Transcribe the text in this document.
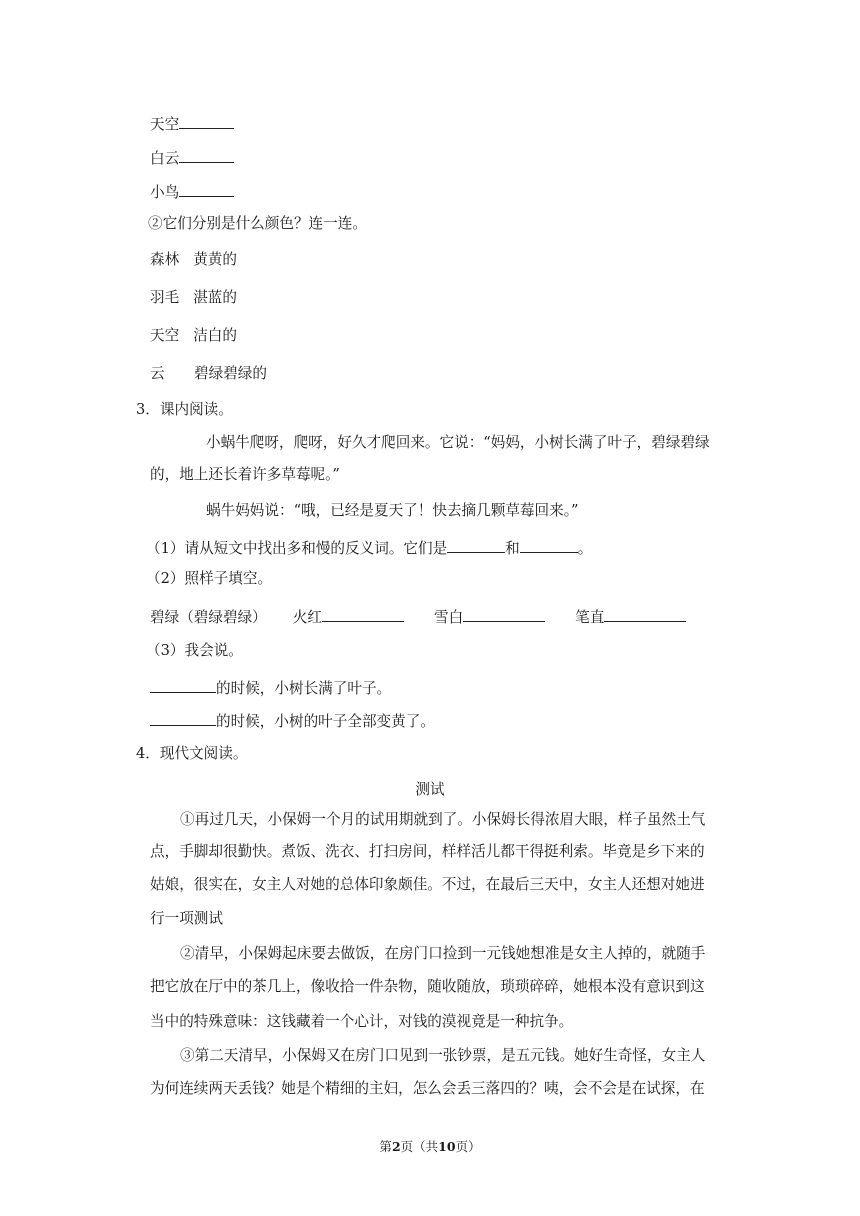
天空
白云
小鸟
②它们分别是什么颜色？连一连。
森林 黄黄的
羽毛 湛蓝的
天空 洁白的
云 碧绿碧绿的
3．课内阅读。
小蜗牛爬呀，爬呀，好久才爬回来。它说：“妈妈，小树长满了叶子，碧绿碧绿
的，地上还长着许多草莓呢。”
蜗牛妈妈说：“哦，已经是夏天了！快去摘几颗草莓回来。”
（1）请从短文中找出多和慢的反义词。它们是	和	。
（2）照样子填空。
碧绿（碧绿碧绿） 火红	雪白	笔直
（3）我会说。
的时候，小树长满了叶子。
的时候，小树的叶子全部变黄了。
4．现代文阅读。
测试
①再过几天，小保姆一个月的试用期就到了。小保姆长得浓眉大眼，样子虽然土气
点，手脚却很勤快。煮饭、洗衣、打扫房间，样样活儿都干得挺利索。毕竟是乡下来的
姑娘，很实在，女主人对她的总体印象颇佳。不过，在最后三天中，女主人还想对她进
行一项测试
②清早，小保姆起床要去做饭，在房门口捡到一元钱她想准是女主人掉的，就随手
把它放在厅中的茶几上，像收拾一件杂物，随收随放，琐琐碎碎，她根本没有意识到这
当中的特殊意味：这钱藏着一个心计，对钱的漠视竟是一种抗争。
③第二天清早，小保姆又在房门口见到一张钞票，是五元钱。她好生奇怪，女主人
为何连续两天丢钱？她是个精细的主妇，怎么会丢三落四的？咦，会不会是在试探，在
第2页（共10页）
